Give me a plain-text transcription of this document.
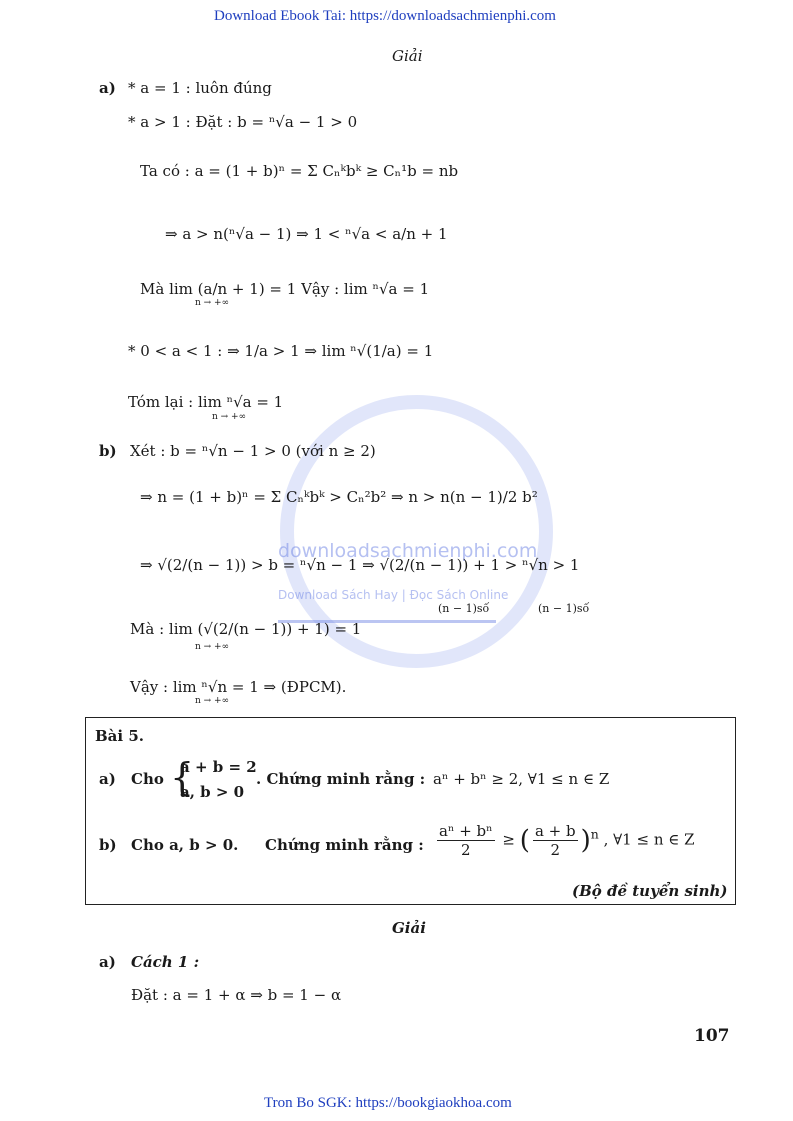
Download Ebook Tai: https://downloadsachmienphi.com
downloadsachmienphi.com
Download Sách Hay | Đọc Sách Online
Giải
a) * a = 1 : luôn đúng
* a > 1 : Đặt : b = ⁿ√a − 1 > 0
Ta có : a = (1 + b)ⁿ = Σ Cₙᵏbᵏ ≥ Cₙ¹b = nb
⇒ a > n(ⁿ√a − 1) ⇒ 1 < ⁿ√a < a/n + 1
Mà lim (a/n + 1) = 1 Vậy : lim ⁿ√a = 1
n → +∞
* 0 < a < 1 : ⇒ 1/a > 1 ⇒ lim ⁿ√(1/a) = 1
Tóm lại : lim ⁿ√a = 1
n → +∞
b) Xét : b = ⁿ√n − 1 > 0 (với n ≥ 2)
⇒ n = (1 + b)ⁿ = Σ Cₙᵏbᵏ > Cₙ²b² ⇒ n > n(n − 1)/2 b²
⇒ √(2/(n − 1)) > b = ⁿ√n − 1 ⇒ √(2/(n − 1)) + 1 > ⁿ√n > 1
(n − 1)số	(n − 1)số
Mà : lim (√(2/(n − 1)) + 1) = 1
n → +∞
Vậy : lim ⁿ√n = 1 ⇒ (ĐPCM).
n → +∞
Bài 5.
a) Cho {
a + b = 2
a, b > 0
. Chứng minh rằng : aⁿ + bⁿ ≥ 2, ∀1 ≤ n ∈ Z
b) Cho a, b > 0. Chứng minh rằng : $\frac{\text{aⁿ + bⁿ}}{2}$ ≥ ( $\frac{a + b}{2} )^n$ , ∀1 ≤ n ∈ Z
(Bộ đề tuyển sinh)
Giải
a) Cách 1 :
Đặt : a = 1 + α ⇒ b = 1 − α
107
Tron Bo SGK: https://bookgiaokhoa.com
